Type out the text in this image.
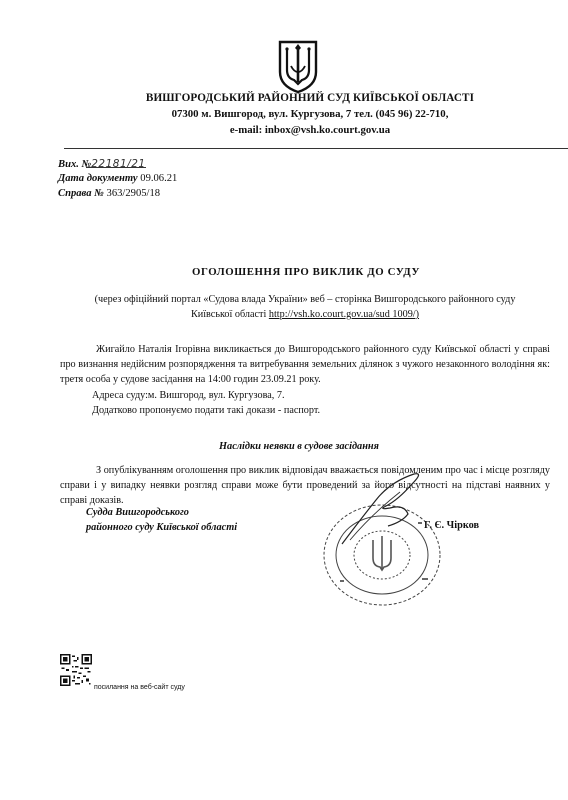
ВИШГОРОДСЬКИЙ РАЙОННИЙ СУД КИЇВСЬКОЇ ОБЛАСТІ
07300 м. Вишгород, вул. Кургузова, 7 тел. (045 96) 22-710,
e-mail: inbox@vsh.ko.court.gov.ua
Вих. №22181/21
Дата документу 09.06.21
Справа № 363/2905/18
ОГОЛОШЕННЯ ПРО ВИКЛИК ДО СУДУ
(через офіційний портал «Судова влада України» веб – сторінка Вишгородського районного суду
Київської області http://vsh.ko.court.gov.ua/sud 1009/)
Жигайло Наталія Ігорівна викликається до Вишгородського районного суду Київської області у справі про визнання недійсним розпорядження та витребування земельних ділянок з чужого незаконного володіння як: третя особа у судове засідання на 14:00 годин 23.09.21 року.
Адреса суду:м. Вишгород, вул. Кургузова, 7.
Додатково пропонуємо подати такі докази - паспорт.
Наслідки неявки в судове засідання
З опублікуванням оголошення про виклик відповідач вважається повідомленим про час і місце розгляду справи і у випадку неявки розгляд справи може бути проведений за його відсутності на підставі наявних у справі доказів.
Судда Вишгородського
районного суду Київської області	Г. Є. Чірков
посилання на веб-сайт суду
